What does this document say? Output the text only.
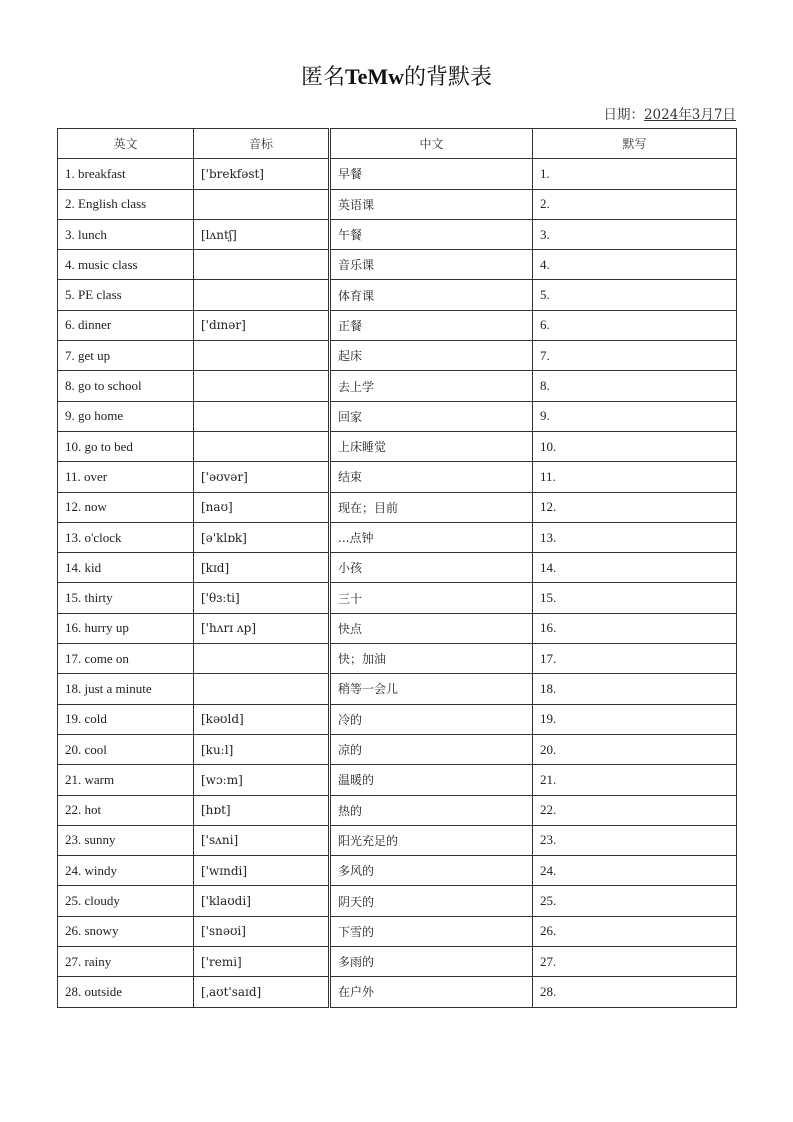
匿名TeMw的背默表
日期：2024年3月7日
英文	音标	中文	默写
1. breakfast	['brekfəst]	早餐	1.
2. English class		英语课	2.
3. lunch	[lʌntʃ]	午餐	3.
4. music class		音乐课	4.
5. PE class		体育课	5.
6. dinner	['dɪnər]	正餐	6.
7. get up		起床	7.
8. go to school		去上学	8.
9. go home		回家	9.
10. go to bed		上床睡觉	10.
11. over	['əʊvər]	结束	11.
12. now	[naʊ]	现在；目前	12.
13. o'clock	[ə'klɒk]	...点钟	13.
14. kid	[kɪd]	小孩	14.
15. thirty	['θɜːti]	三十	15.
16. hurry up	['hʌrɪ ʌp]	快点	16.
17. come on		快；加油	17.
18. just a minute		稍等一会儿	18.
19. cold	[kəʊld]	冷的	19.
20. cool	[kuːl]	凉的	20.
21. warm	[wɔːm]	温暖的	21.
22. hot	[hɒt]	热的	22.
23. sunny	['sʌni]	阳光充足的	23.
24. windy	['wɪndi]	多风的	24.
25. cloudy	['klaʊdi]	阴天的	25.
26. snowy	['snəʊi]	下雪的	26.
27. rainy	['remi]	多雨的	27.
28. outside	[ˌaʊt'saɪd]	在户外	28.
